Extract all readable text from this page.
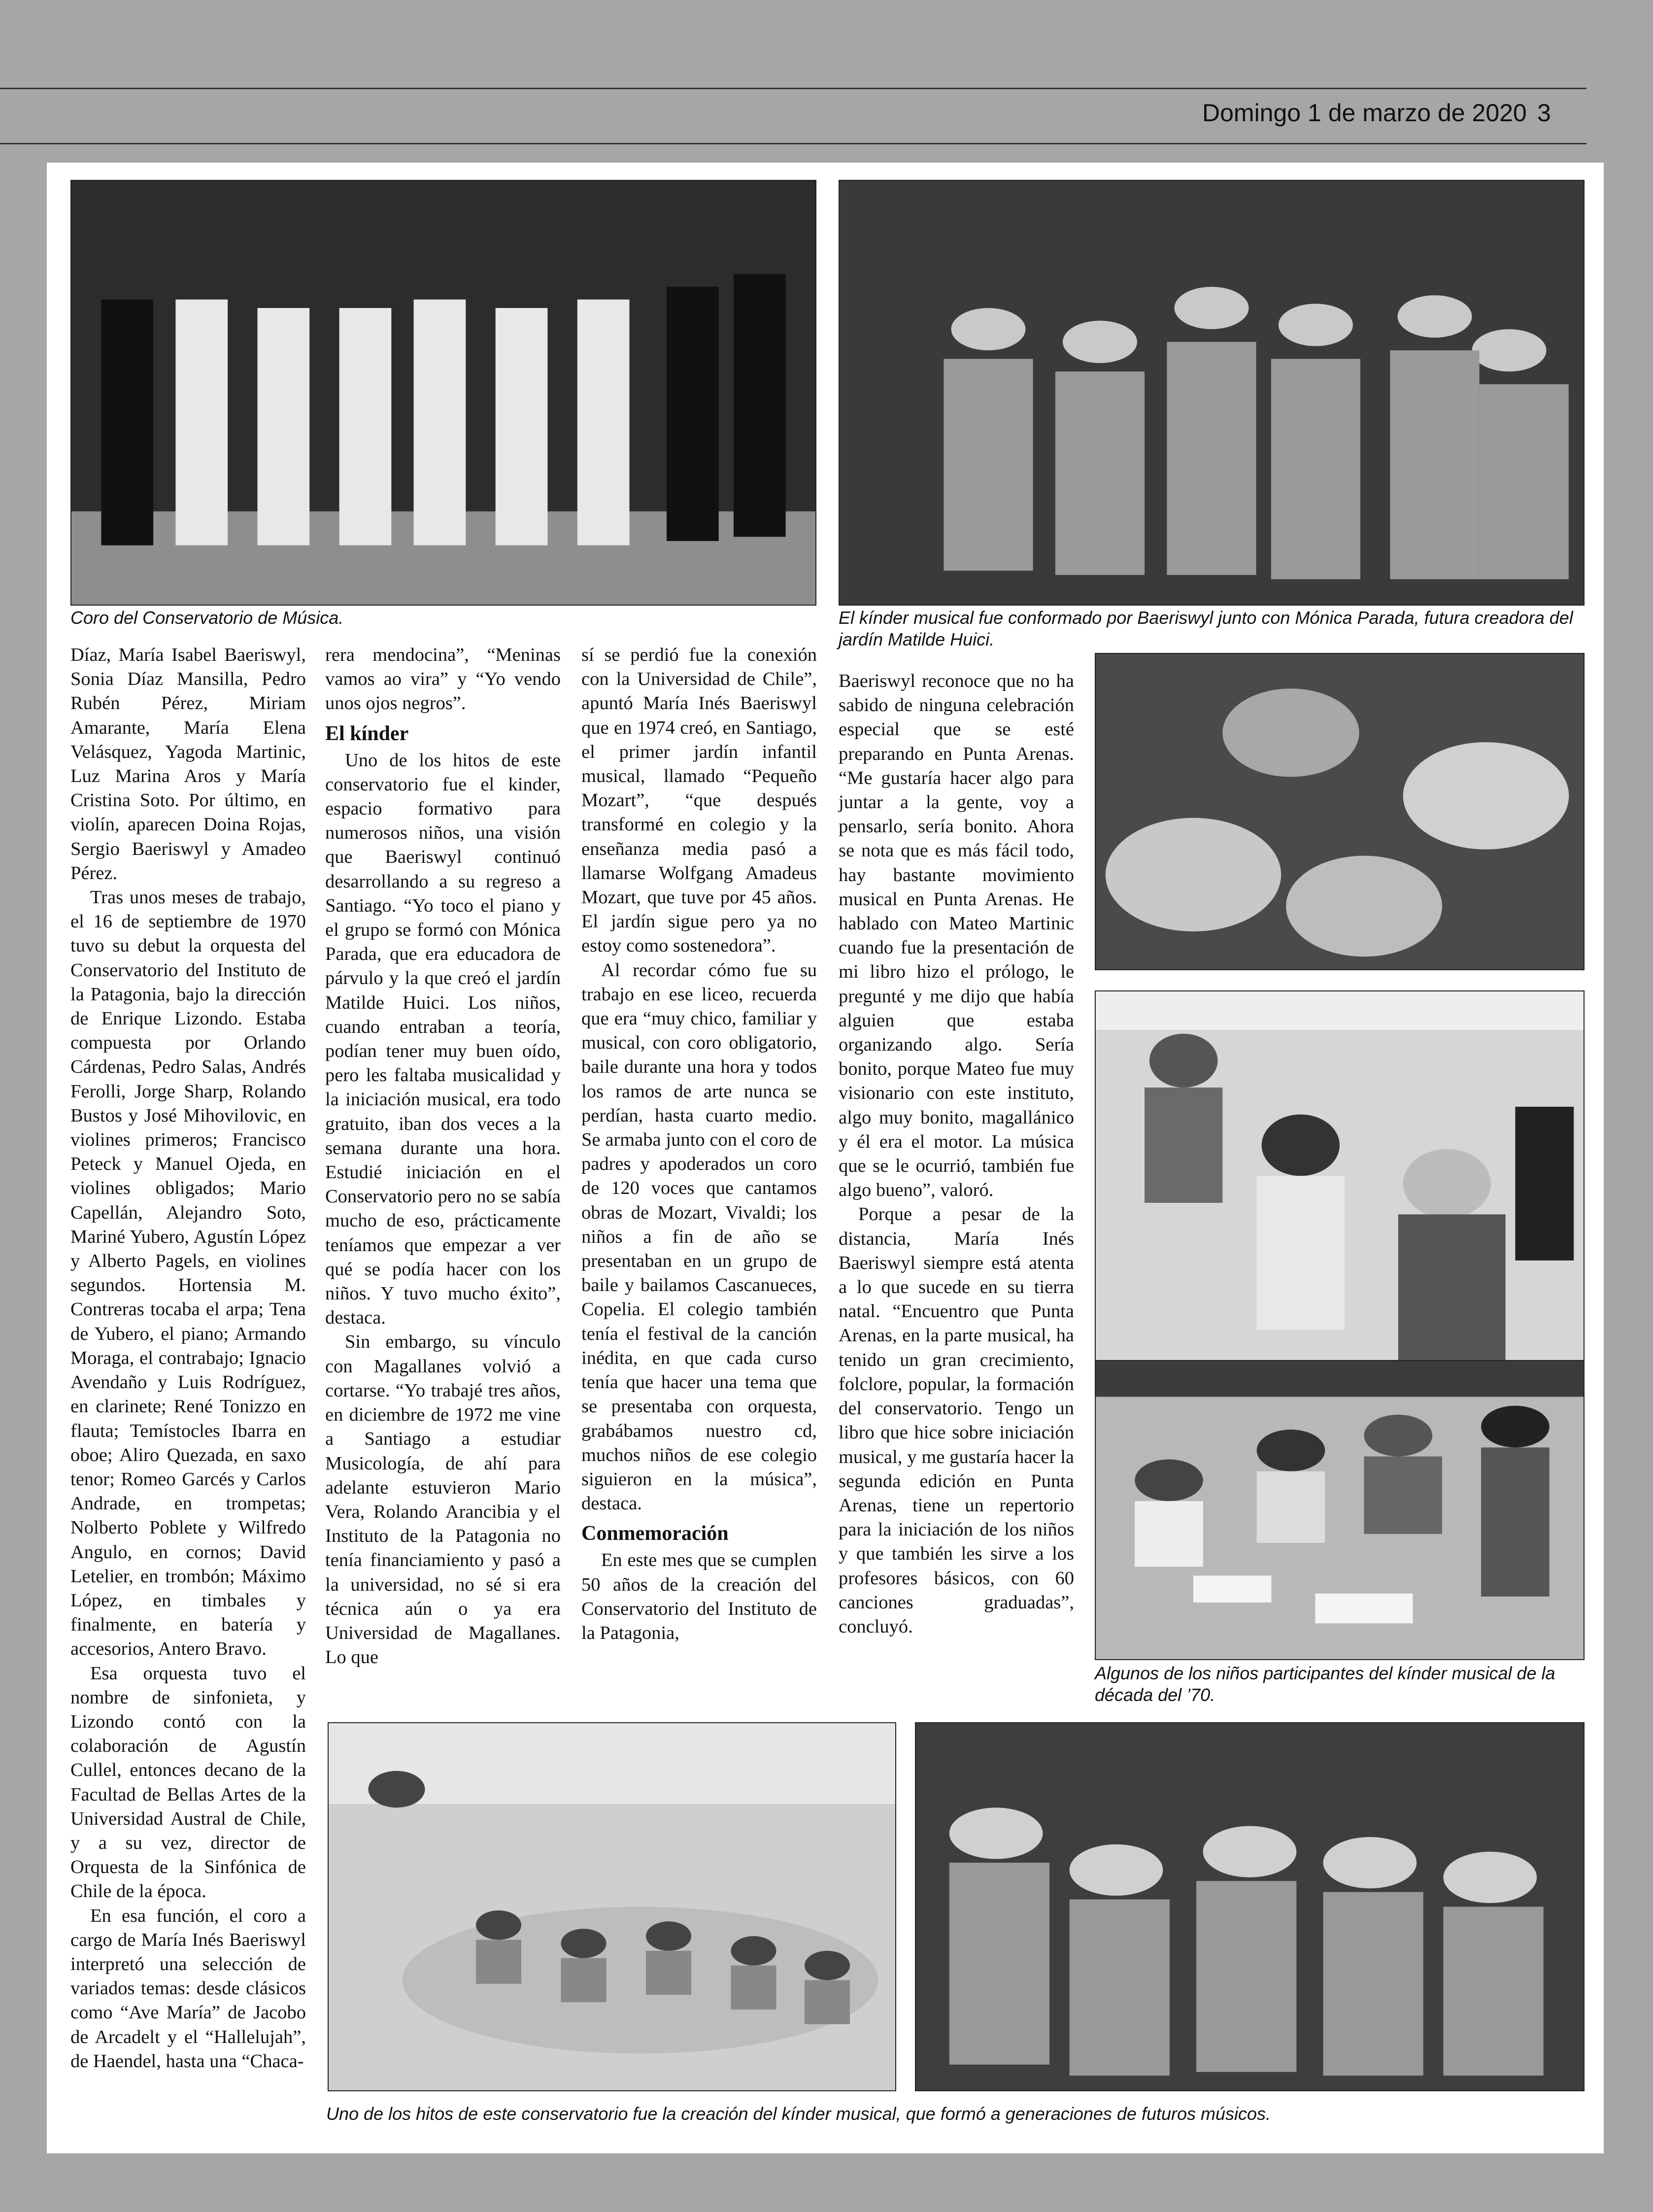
Domingo 1 de marzo de 2020 3
Coro del Conservatorio de Música.	El kínder musical fue conformado por Baeriswyl junto con Mónica Parada, futura creadora del jardín Matilde Huici.
Algunos de los niños participantes del kínder musical de la década del ’70.
Uno de los hitos de este conservatorio fue la creación del kínder musical, que formó a generaciones de futuros músicos.

Díaz, María Isabel Baeriswyl, Sonia Díaz Mansilla, Pedro Rubén Pérez, Miriam Amarante, María Elena Velásquez, Yagoda Martinic, Luz Marina Aros y María Cristina Soto. Por último, en violín, aparecen Doina Rojas, Sergio Baeriswyl y Amadeo Pérez.

Tras unos meses de trabajo, el 16 de septiembre de 1970 tuvo su debut la orquesta del Conservatorio del Instituto de la Patagonia, bajo la dirección de Enrique Lizondo. Estaba compuesta por Orlando Cárdenas, Pedro Salas, Andrés Ferolli, Jorge Sharp, Rolando Bustos y José Mihovilovic, en violines primeros; Francisco Peteck y Manuel Ojeda, en violines obligados; Mario Capellán, Alejandro Soto, Mariné Yubero, Agustín López y Alberto Pagels, en violines segundos. Hortensia M. Contreras tocaba el arpa; Tena de Yubero, el piano; Armando Moraga, el contrabajo; Ignacio Avendaño y Luis Rodríguez, en clarinete; René Tonizzo en flauta; Temístocles Ibarra en oboe; Aliro Quezada, en saxo tenor; Romeo Garcés y Carlos Andrade, en trompetas; Nolberto Poblete y Wilfredo Angulo, en cornos; David Letelier, en trombón; Máximo López, en timbales y finalmente, en batería y accesorios, Antero Bravo.

Esa orquesta tuvo el nombre de sinfonieta, y Lizondo contó con la colaboración de Agustín Cullel, entonces decano de la Facultad de Bellas Artes de la Universidad Austral de Chile, y a su vez, director de Orquesta de la Sinfónica de Chile de la época.

En esa función, el coro a cargo de María Inés Baeriswyl interpretó una selección de variados temas: desde clásicos como “Ave María” de Jacobo de Arcadelt y el “Hallelujah”, de Haendel, hasta una “Chaca-

rera mendocina”, “Meninas vamos ao vira” y “Yo vendo unos ojos negros”.

El kínder

Uno de los hitos de este conservatorio fue el kinder, espacio formativo para numerosos niños, una visión que Baeriswyl continuó desarrollando a su regreso a Santiago. “Yo toco el piano y el grupo se formó con Mónica Parada, que era educadora de párvulo y la que creó el jardín Matilde Huici. Los niños, cuando entraban a teoría, podían tener muy buen oído, pero les faltaba musicalidad y la iniciación musical, era todo gratuito, iban dos veces a la semana durante una hora. Estudié iniciación en el Conservatorio pero no se sabía mucho de eso, prácticamente teníamos que empezar a ver qué se podía hacer con los niños. Y tuvo mucho éxito”, destaca.

Sin embargo, su vínculo con Magallanes volvió a cortarse. “Yo trabajé tres años, en diciembre de 1972 me vine a Santiago a estudiar Musicología, de ahí para adelante estuvieron Mario Vera, Rolando Arancibia y el Instituto de la Patagonia no tenía financiamiento y pasó a la universidad, no sé si era técnica aún o ya era Universidad de Magallanes. Lo que

sí se perdió fue la conexión con la Universidad de Chile”, apuntó María Inés Baeriswyl que en 1974 creó, en Santiago, el primer jardín infantil musical, llamado “Pequeño Mozart”, “que después transformé en colegio y la enseñanza media pasó a llamarse Wolfgang Amadeus Mozart, que tuve por 45 años. El jardín sigue pero ya no estoy como sostenedora”.

Al recordar cómo fue su trabajo en ese liceo, recuerda que era “muy chico, familiar y musical, con coro obligatorio, baile durante una hora y todos los ramos de arte nunca se perdían, hasta cuarto medio. Se armaba junto con el coro de padres y apoderados un coro de 120 voces que cantamos obras de Mozart, Vivaldi; los niños a fin de año se presentaban en un grupo de baile y bailamos Cascanueces, Copelia. El colegio también tenía el festival de la canción inédita, en que cada curso tenía que hacer una tema que se presentaba con orquesta, grabábamos nuestro cd, muchos niños de ese colegio siguieron en la música”, destaca.

Conmemoración

En este mes que se cumplen 50 años de la creación del Conservatorio del Instituto de la Patagonia,

Baeriswyl reconoce que no ha sabido de ninguna celebración especial que se esté preparando en Punta Arenas. “Me gustaría hacer algo para juntar a la gente, voy a pensarlo, sería bonito. Ahora se nota que es más fácil todo, hay bastante movimiento musical en Punta Arenas. He hablado con Mateo Martinic cuando fue la presentación de mi libro hizo el prólogo, le pregunté y me dijo que había alguien que estaba organizando algo. Sería bonito, porque Mateo fue muy visionario con este instituto, algo muy bonito, magallánico y él era el motor. La música que se le ocurrió, también fue algo bueno”, valoró.

Porque a pesar de la distancia, María Inés Baeriswyl siempre está atenta a lo que sucede en su tierra natal. “Encuentro que Punta Arenas, en la parte musical, ha tenido un gran crecimiento, folclore, popular, la formación del conservatorio. Tengo un libro que hice sobre iniciación musical, y me gustaría hacer la segunda edición en Punta Arenas, tiene un repertorio para la iniciación de los niños y que también les sirve a los profesores básicos, con 60 canciones graduadas”, concluyó.
